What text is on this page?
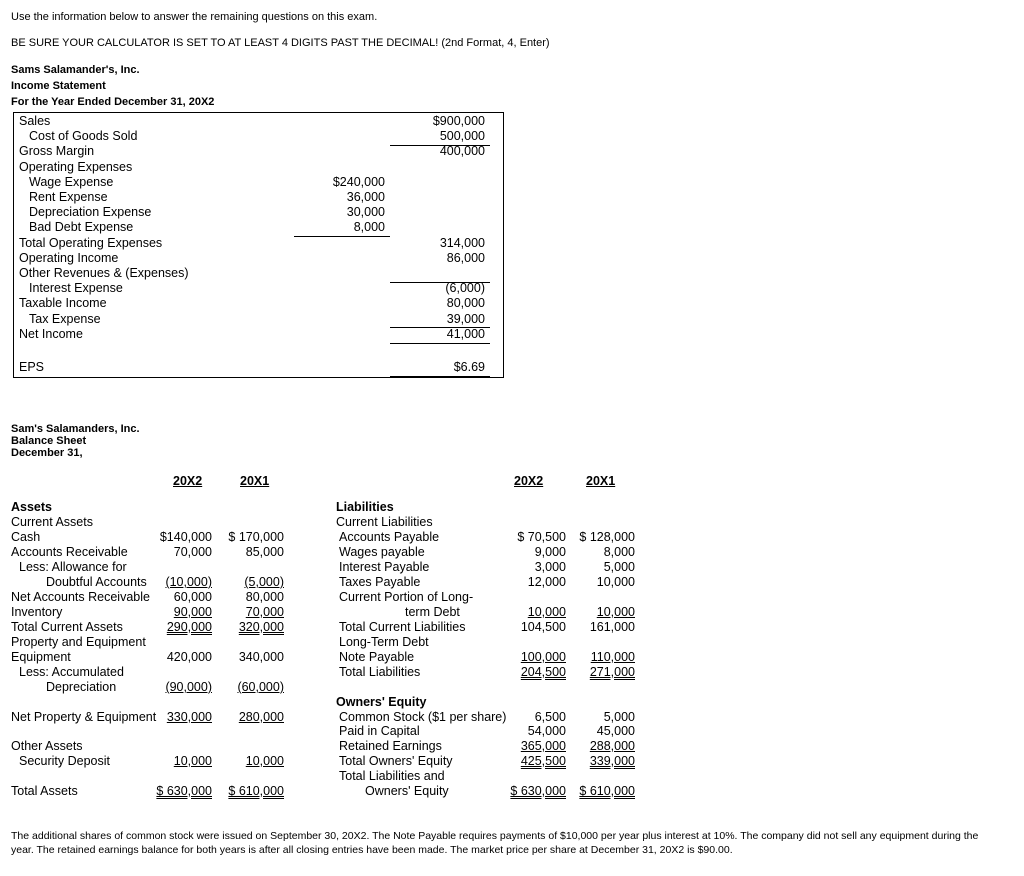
Use the information below to answer the remaining questions on this exam.
BE SURE YOUR CALCULATOR IS SET TO AT LEAST 4 DIGITS PAST THE DECIMAL! (2nd Format, 4, Enter)
Sams Salamander's, Inc.
Income Statement
For the Year Ended December 31, 20X2
Sales	$900,000
Cost of Goods Sold	500,000
Gross Margin	400,000
Operating Expenses
Wage Expense	$240,000
Rent Expense	36,000
Depreciation Expense	30,000
Bad Debt Expense	8,000
Total Operating Expenses	314,000
Operating Income	86,000
Other Revenues & (Expenses)
Interest Expense	(6,000)
Taxable Income	80,000
Tax Expense	39,000
Net Income	41,000
EPS	$6.69
Sam's Salamanders, Inc.
Balance Sheet
December 31,
20X2	20X1	20X2	20X1
Assets
Current Assets
Cash	$140,000	$ 170,000
Accounts Receivable	70,000	85,000
Less: Allowance for
Doubtful Accounts	(10,000)	(5,000)
Net Accounts Receivable	60,000	80,000
Inventory	90,000	70,000
Total Current Assets	290,000	320,000
Property and Equipment
Equipment	420,000	340,000
Less: Accumulated
Depreciation	(90,000)	(60,000)
Net Property & Equipment 330,000	280,000
Other Assets
Security Deposit	10,000	10,000
Total Assets	$ 630,000	$ 610,000
Liabilities
Current Liabilities
Accounts Payable	$ 70,500	$ 128,000
Wages payable	9,000	8,000
Interest Payable	3,000	5,000
Taxes Payable	12,000	10,000
Current Portion of Long-
term Debt	10,000	10,000
Total Current Liabilities	104,500	161,000
Long-Term Debt
Note Payable	100,000	110,000
Total Liabilities	204,500	271,000
Owners' Equity
Common Stock ($1 per share)	6,500	5,000
Paid in Capital	54,000	45,000
Retained Earnings	365,000	288,000
Total Owners' Equity	425,500	339,000
Total Liabilities and
Owners' Equity	$ 630,000	$ 610,000
The additional shares of common stock were issued on September 30, 20X2. The Note Payable requires payments of $10,000 per year plus interest at 10%. The company did not sell any equipment during the year. The retained earnings balance for both years is after all closing entries have been made. The market price per share at December 31, 20X2 is $90.00.
